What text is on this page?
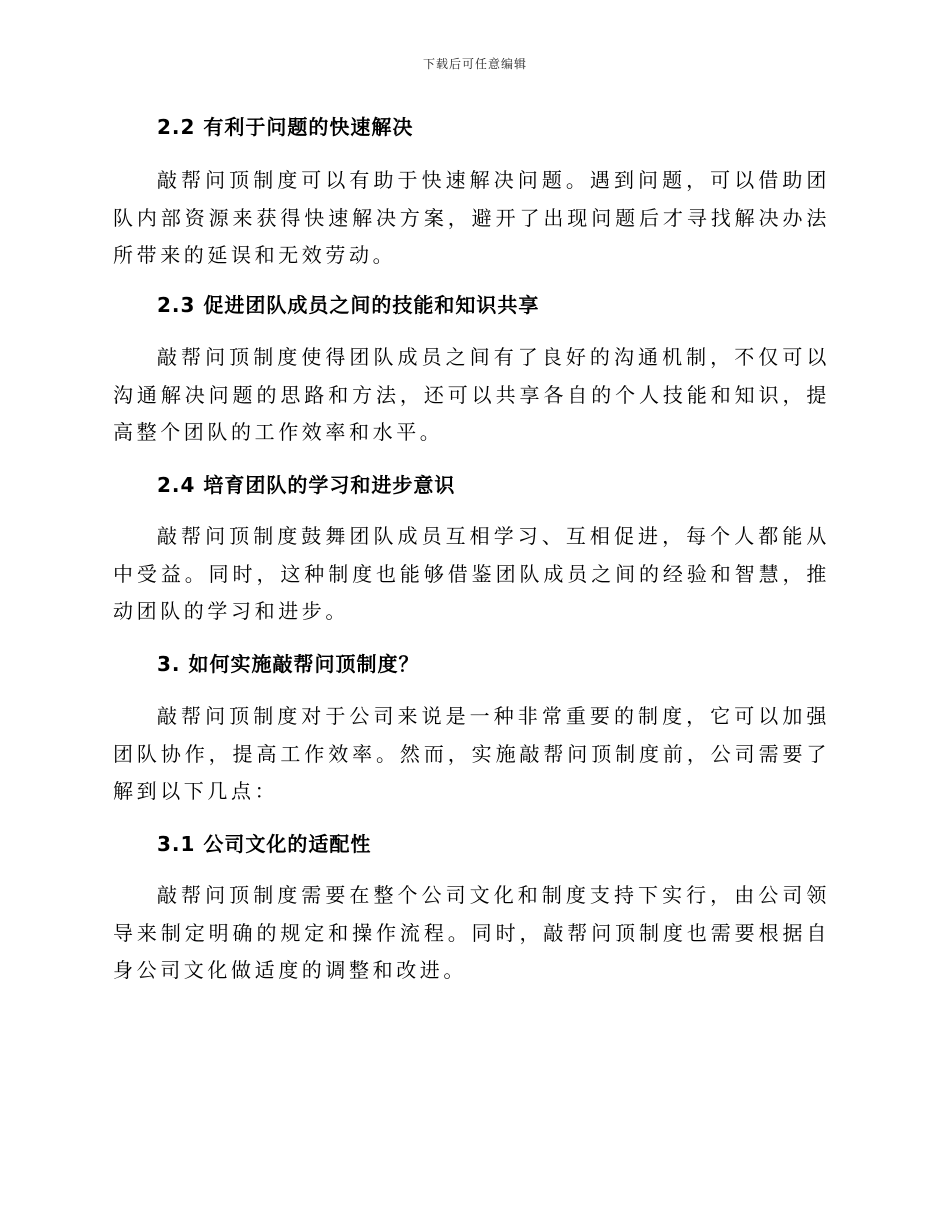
下载后可任意编辑
2.2 有利于问题的快速解决

敲帮问顶制度可以有助于快速解决问题。遇到问题，可以借助团队内部资源来获得快速解决方案，避开了出现问题后才寻找解决办法所带来的延误和无效劳动。

2.3 促进团队成员之间的技能和知识共享

敲帮问顶制度使得团队成员之间有了良好的沟通机制，不仅可以沟通解决问题的思路和方法，还可以共享各自的个人技能和知识，提高整个团队的工作效率和水平。

2.4 培育团队的学习和进步意识

敲帮问顶制度鼓舞团队成员互相学习、互相促进，每个人都能从中受益。同时，这种制度也能够借鉴团队成员之间的经验和智慧，推动团队的学习和进步。

3. 如何实施敲帮问顶制度？

敲帮问顶制度对于公司来说是一种非常重要的制度，它可以加强团队协作，提高工作效率。然而，实施敲帮问顶制度前，公司需要了解到以下几点：

3.1 公司文化的适配性

敲帮问顶制度需要在整个公司文化和制度支持下实行，由公司领导来制定明确的规定和操作流程。同时，敲帮问顶制度也需要根据自身公司文化做适度的调整和改进。
